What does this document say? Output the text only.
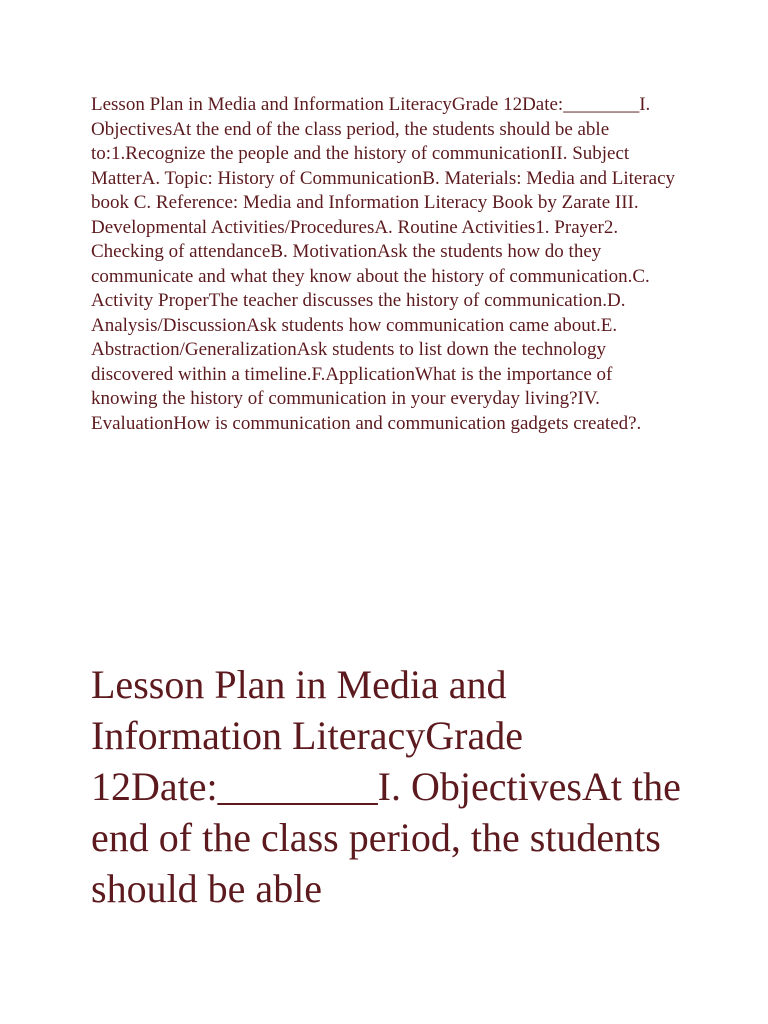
Lesson Plan in Media and Information LiteracyGrade 12Date:________I. ObjectivesAt the end of the class period, the students should be able to:1.Recognize the people and the history of communicationII. Subject MatterA. Topic: History of CommunicationB. Materials: Media and Literacy book C. Reference: Media and Information Literacy Book by Zarate III. Developmental Activities/ProceduresA. Routine Activities1. Prayer2. Checking of attendanceB. MotivationAsk the students how do they communicate and what they know about the history of communication.C. Activity ProperThe teacher discusses the history of communication.D. Analysis/DiscussionAsk students how communication came about.E. Abstraction/GeneralizationAsk students to list down the technology discovered within a timeline.F.ApplicationWhat is the importance of knowing the history of communication in your everyday living?IV. EvaluationHow is communication and communication gadgets created?.

Lesson Plan in Media and Information LiteracyGrade 12Date:________I. ObjectivesAt the end of the class period, the students should be able
